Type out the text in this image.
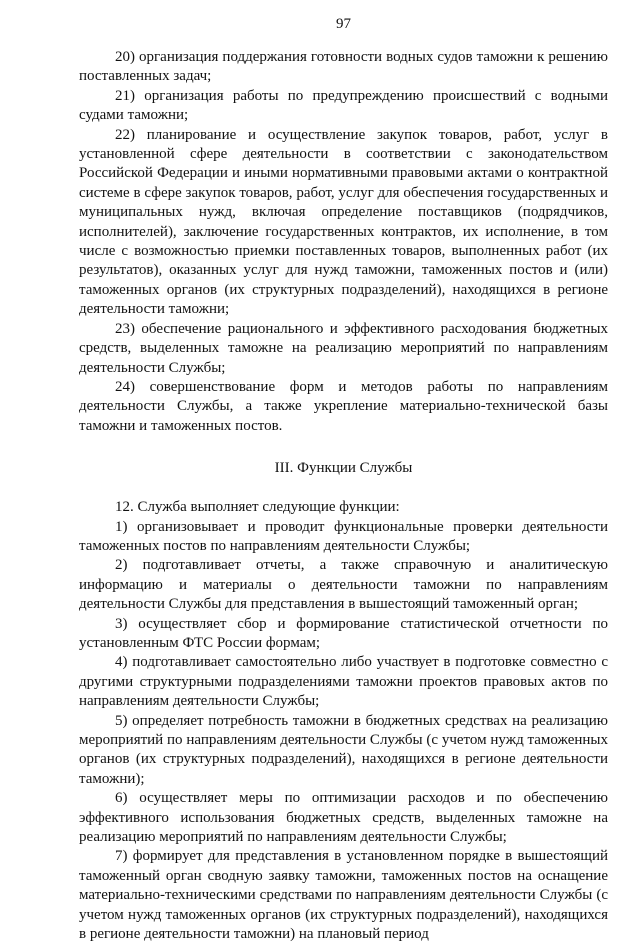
97

20) организация поддержания готовности водных судов таможни к решению поставленных задач;

21) организация работы по предупреждению происшествий с водными судами таможни;

22) планирование и осуществление закупок товаров, работ, услуг в установленной сфере деятельности в соответствии с законодательством Российской Федерации и иными нормативными правовыми актами о контрактной системе в сфере закупок товаров, работ, услуг для обеспечения государственных и муниципальных нужд, включая определение поставщиков (подрядчиков, исполнителей), заключение государственных контрактов, их исполнение, в том числе с возможностью приемки поставленных товаров, выполненных работ (их результатов), оказанных услуг для нужд таможни, таможенных постов и (или) таможенных органов (их структурных подразделений), находящихся в регионе деятельности таможни;

23) обеспечение рационального и эффективного расходования бюджетных средств, выделенных таможне на реализацию мероприятий по направлениям деятельности Службы;

24) совершенствование форм и методов работы по направлениям деятельности Службы, а также укрепление материально-технической базы таможни и таможенных постов.

III. Функции Службы

12. Служба выполняет следующие функции:

1) организовывает и проводит функциональные проверки деятельности таможенных постов по направлениям деятельности Службы;

2) подготавливает отчеты, а также справочную и аналитическую информацию и материалы о деятельности таможни по направлениям деятельности Службы для представления в вышестоящий таможенный орган;

3) осуществляет сбор и формирование статистической отчетности по установленным ФТС России формам;

4) подготавливает самостоятельно либо участвует в подготовке совместно с другими структурными подразделениями таможни проектов правовых актов по направлениям деятельности Службы;

5) определяет потребность таможни в бюджетных средствах на реализацию мероприятий по направлениям деятельности Службы (с учетом нужд таможенных органов (их структурных подразделений), находящихся в регионе деятельности таможни);

6) осуществляет меры по оптимизации расходов и по обеспечению эффективного использования бюджетных средств, выделенных таможне на реализацию мероприятий по направлениям деятельности Службы;

7) формирует для представления в установленном порядке в вышестоящий таможенный орган сводную заявку таможни, таможенных постов на оснащение материально-техническими средствами по направлениям деятельности Службы (с учетом нужд таможенных органов (их структурных подразделений), находящихся в регионе деятельности таможни) на плановый период
